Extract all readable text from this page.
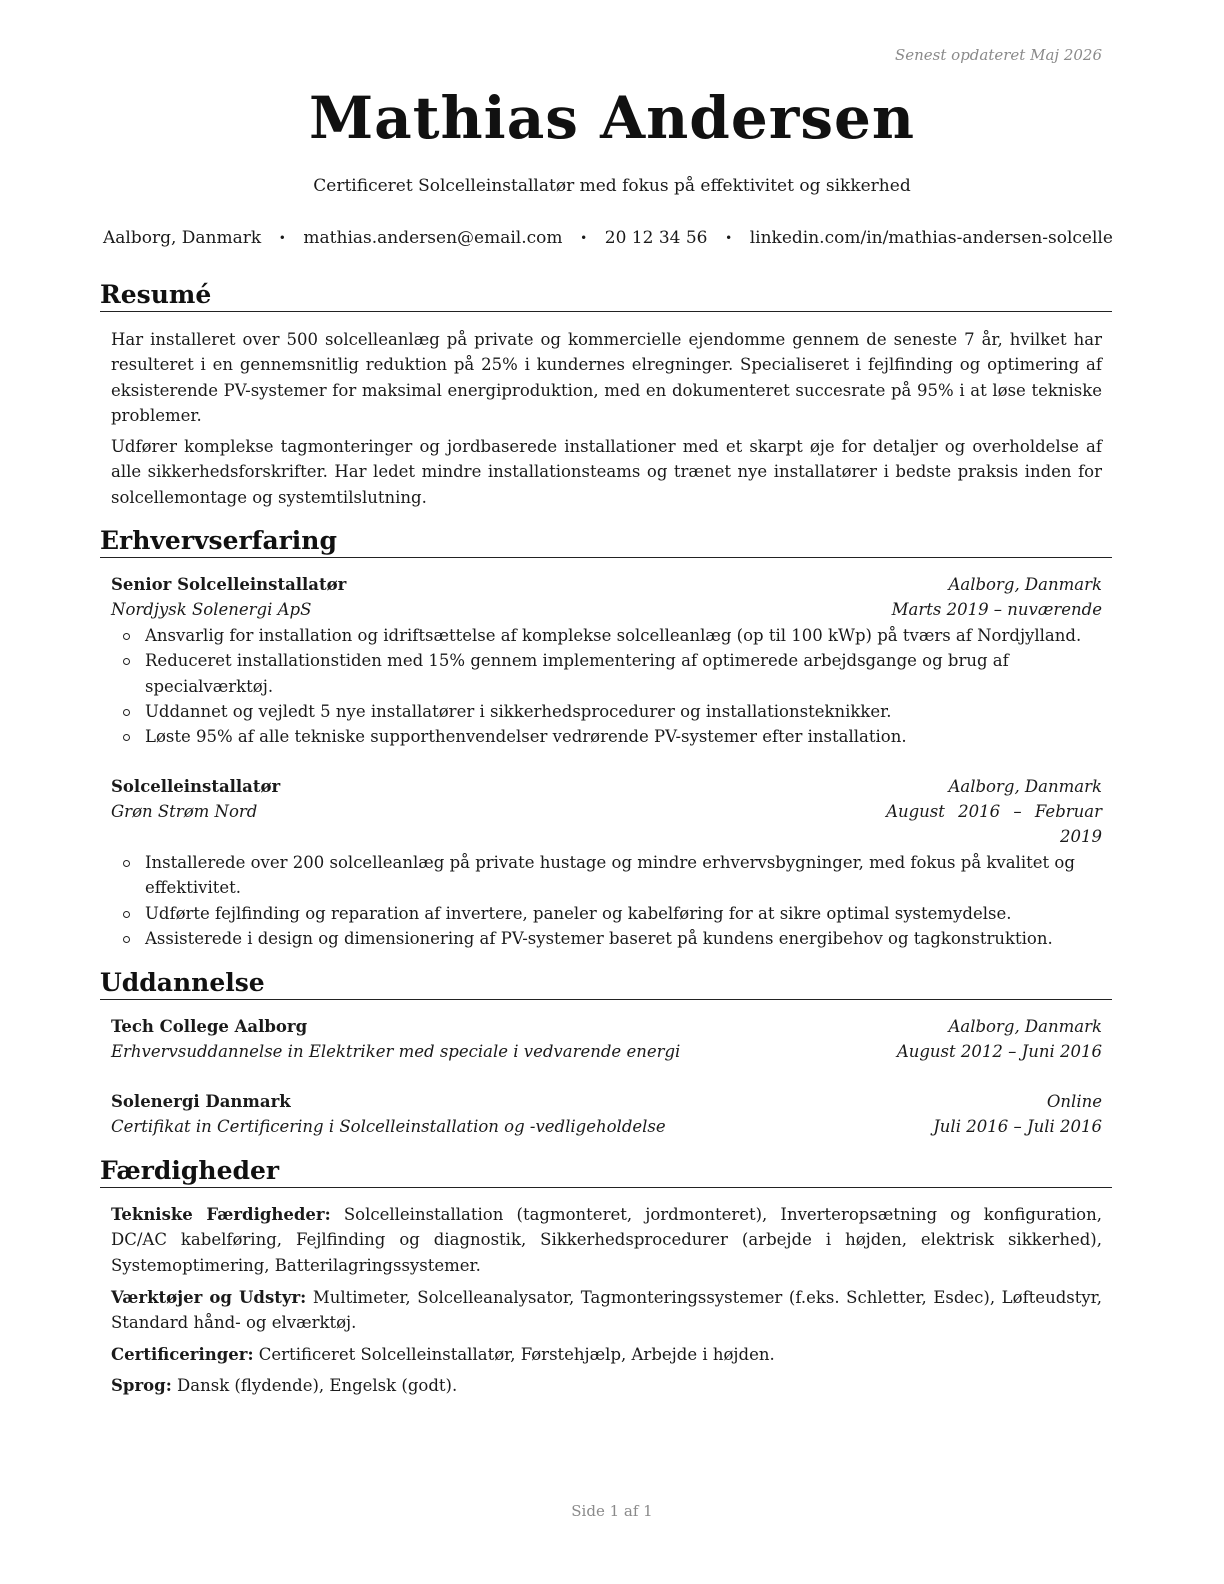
Senest opdateret Maj 2026
Mathias Andersen
Certificeret Solcelleinstallatør med fokus på effektivitet og sikkerhed
Aalborg, Danmark • mathias.andersen@email.com • 20 12 34 56 • linkedin.com/in/mathias-andersen-solcelle
Resumé

Har installeret over 500 solcelleanlæg på private og kommercielle ejendomme gennem de seneste 7 år, hvilket har resulteret i en gennemsnitlig reduktion på 25% i kundernes elregninger. Specialiseret i fejlfinding og optimering af eksisterende PV-systemer for maksimal energiproduktion, med en dokumenteret succesrate på 95% i at løse tekniske problemer.

Udfører komplekse tagmonteringer og jordbaserede installationer med et skarpt øje for detaljer og overholdelse af alle sikkerhedsforskrifter. Har ledet mindre installationsteams og trænet nye installatører i bedste praksis inden for solcellemontage og systemtilslutning.

Erhvervserfaring
Senior Solcelleinstallatør	Aalborg, Danmark
Nordjysk Solenergi ApS	Marts 2019 – nuværende
Ansvarlig for installation og idriftsættelse af komplekse solcelleanlæg (op til 100 kWp) på tværs af Nordjylland.
Reduceret installationstiden med 15% gennem implementering af optimerede arbejdsgange og brug af specialværktøj.
Uddannet og vejledt 5 nye installatører i sikkerhedsprocedurer og installationsteknikker.
Løste 95% af alle tekniske supporthenvendelser vedrørende PV-systemer efter installation.
Solcelleinstallatør	Aalborg, Danmark
Grøn Strøm Nord	August 2016 – Februar
2019
Installerede over 200 solcelleanlæg på private hustage og mindre erhvervsbygninger, med fokus på kvalitet og effektivitet.
Udførte fejlfinding og reparation af invertere, paneler og kabelføring for at sikre optimal systemydelse.
Assisterede i design og dimensionering af PV-systemer baseret på kundens energibehov og tagkonstruktion.
Uddannelse
Tech College Aalborg	Aalborg, Danmark
Erhvervsuddannelse in Elektriker med speciale i vedvarende energi	August 2012 – Juni 2016
Solenergi Danmark	Online
Certifikat in Certificering i Solcelleinstallation og -vedligeholdelse	Juli 2016 – Juli 2016
Færdigheder

Tekniske Færdigheder: Solcelleinstallation (tagmonteret, jordmonteret), Inverteropsætning og konfiguration, DC/AC kabelføring, Fejlfinding og diagnostik, Sikkerhedsprocedurer (arbejde i højden, elektrisk sikkerhed), Systemoptimering, Batterilagringssystemer.

Værktøjer og Udstyr: Multimeter, Solcelleanalysator, Tagmonteringssystemer (f.eks. Schletter, Esdec), Løfteudstyr, Standard hånd- og elværktøj.

Certificeringer: Certificeret Solcelleinstallatør, Førstehjælp, Arbejde i højden.

Sprog: Dansk (flydende), Engelsk (godt).

Side 1 af 1
